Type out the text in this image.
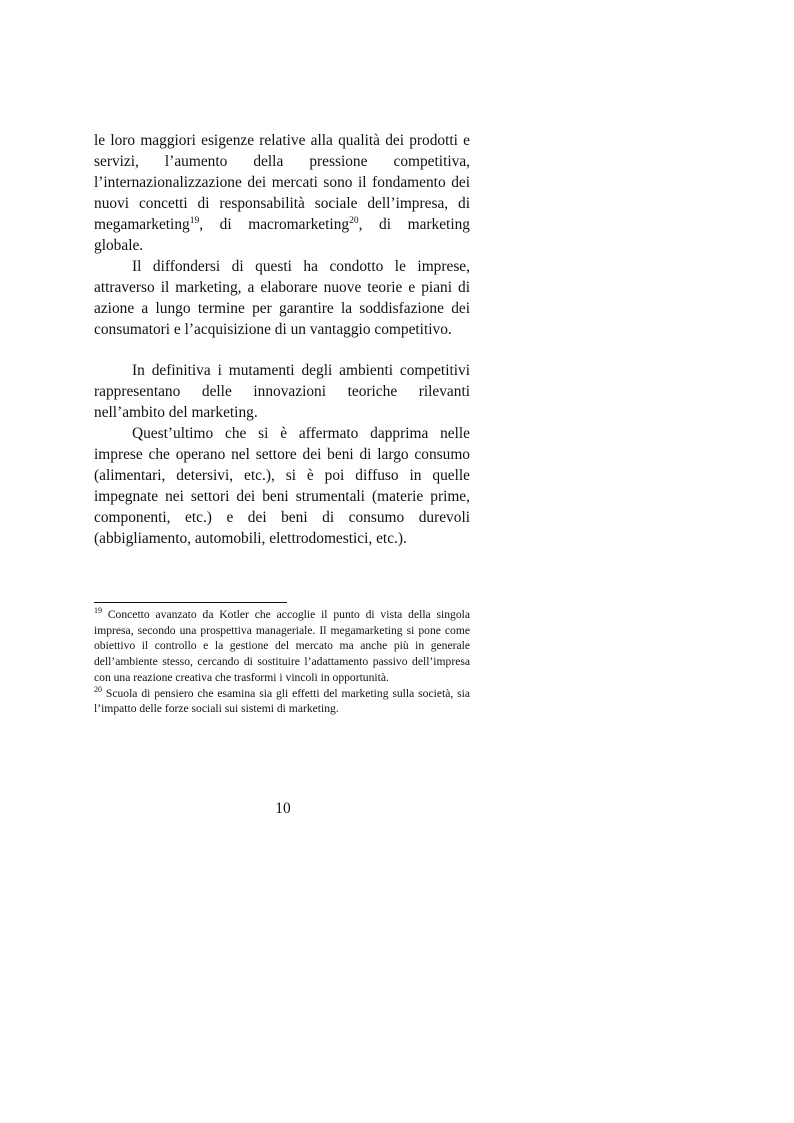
le loro maggiori esigenze relative alla qualità dei prodotti e servizi, l’aumento della pressione competitiva, l’internazionalizzazione dei mercati sono il fondamento dei nuovi concetti di responsabilità sociale dell’impresa, di megamarketing$^{19}$, di macromarketing$^{20}$, di marketing globale.

Il diffondersi di questi ha condotto le imprese, attraverso il marketing, a elaborare nuove teorie e piani di azione a lungo termine per garantire la soddisfazione dei consumatori e l’acquisizione di un vantaggio competitivo.

In definitiva i mutamenti degli ambienti competitivi rappresentano delle innovazioni teoriche rilevanti nell’ambito del marketing.

Quest’ultimo che si è affermato dapprima nelle imprese che operano nel settore dei beni di largo consumo (alimentari, detersivi, etc.), si è poi diffuso in quelle impegnate nei settori dei beni strumentali (materie prime, componenti, etc.) e dei beni di consumo durevoli (abbigliamento, automobili, elettrodomestici, etc.).

$^{19}$ Concetto avanzato da Kotler che accoglie il punto di vista della singola impresa, secondo una prospettiva manageriale. Il megamarketing si pone come obiettivo il controllo e la gestione del mercato ma anche più in generale dell’ambiente stesso, cercando di sostituire l’adattamento passivo dell’impresa con una reazione creativa che trasformi i vincoli in opportunità.

$^{20}$ Scuola di pensiero che esamina sia gli effetti del marketing sulla società, sia l’impatto delle forze sociali sui sistemi di marketing.

10
